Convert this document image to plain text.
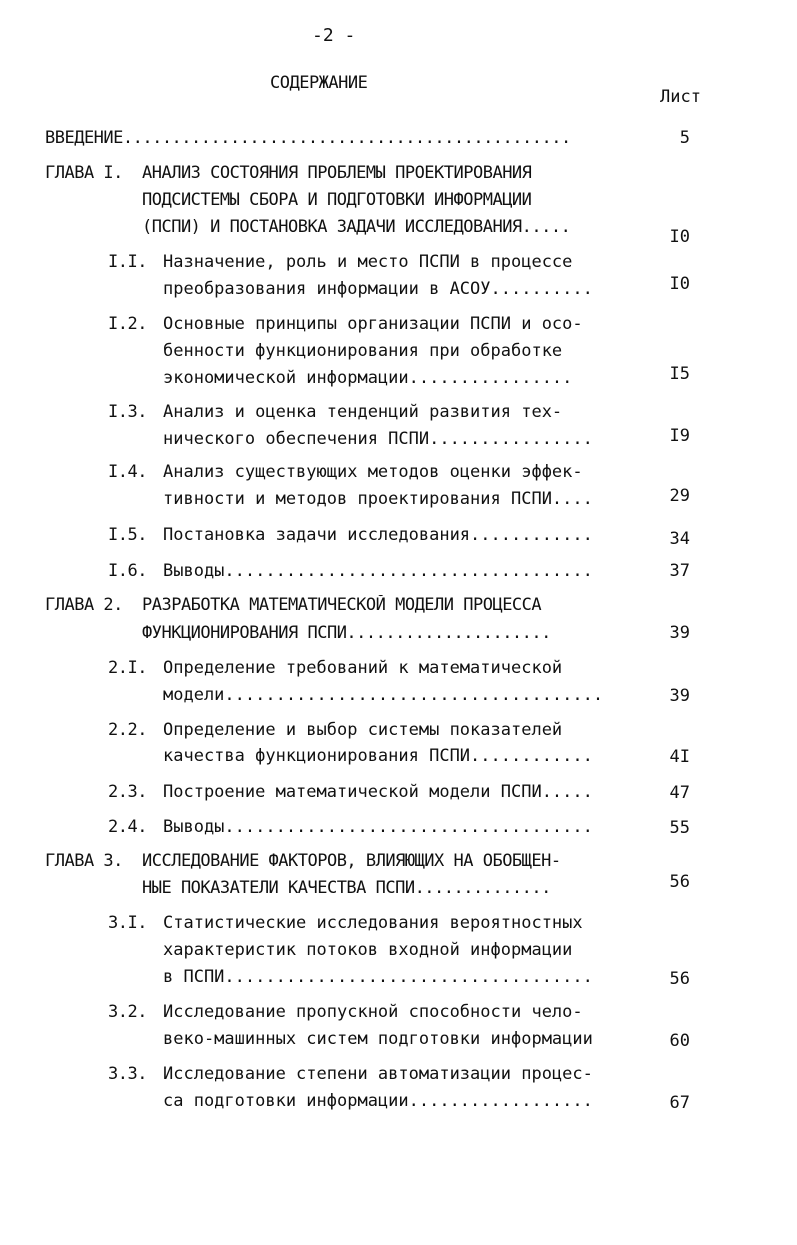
-2 -
СОДЕРЖАНИЕ
Лист
ВВЕДЕНИЕ..............................................	5
ГЛАВА I. АНАЛИЗ СОСТОЯНИЯ ПРОБЛЕМЫ ПРОЕКТИРОВАНИЯ
ПОДСИСТЕМЫ СБОРА И ПОДГОТОВКИ ИНФОРМАЦИИ
(ПСПИ) И ПОСТАНОВКА ЗАДАЧИ ИССЛЕДОВАНИЯ.....	I0
I.I. Назначение, роль и место ПСПИ в процессе
преобразования информации в АСОУ..........	I0
I.2. Основные принципы организации ПСПИ и осо-
бенности функционирования при обработке
экономической информации................	I5
I.3. Анализ и оценка тенденций развития тех-
нического обеспечения ПСПИ................	I9
I.4. Анализ существующих методов оценки эффек-
тивности и методов проектирования ПСПИ....	29
I.5. Постановка задачи исследования............	34
I.6. Выводы....................................	37
ГЛАВА 2. РАЗРАБОТКА МАТЕМАТИЧЕСКОЙ МОДЕЛИ ПРОЦЕССА
ФУНКЦИОНИРОВАНИЯ ПСПИ.....................	39
2.I. Определение требований к математической
модели.....................................	39
2.2. Определение и выбор системы показателей
качества функционирования ПСПИ............	4I
2.3. Построение математической модели ПСПИ.....	47
2.4. Выводы....................................	55
ГЛАВА 3. ИССЛЕДОВАНИЕ ФАКТОРОВ, ВЛИЯЮЩИХ НА ОБОБЩЕН-
НЫЕ ПОКАЗАТЕЛИ КАЧЕСТВА ПСПИ..............	56
3.I. Статистические исследования вероятностных
характеристик потоков входной информации
в ПСПИ....................................	56
3.2. Исследование пропускной способности чело-
веко-машинных систем подготовки информации	60
3.3. Исследование степени автоматизации процес-
са подготовки информации..................	67
